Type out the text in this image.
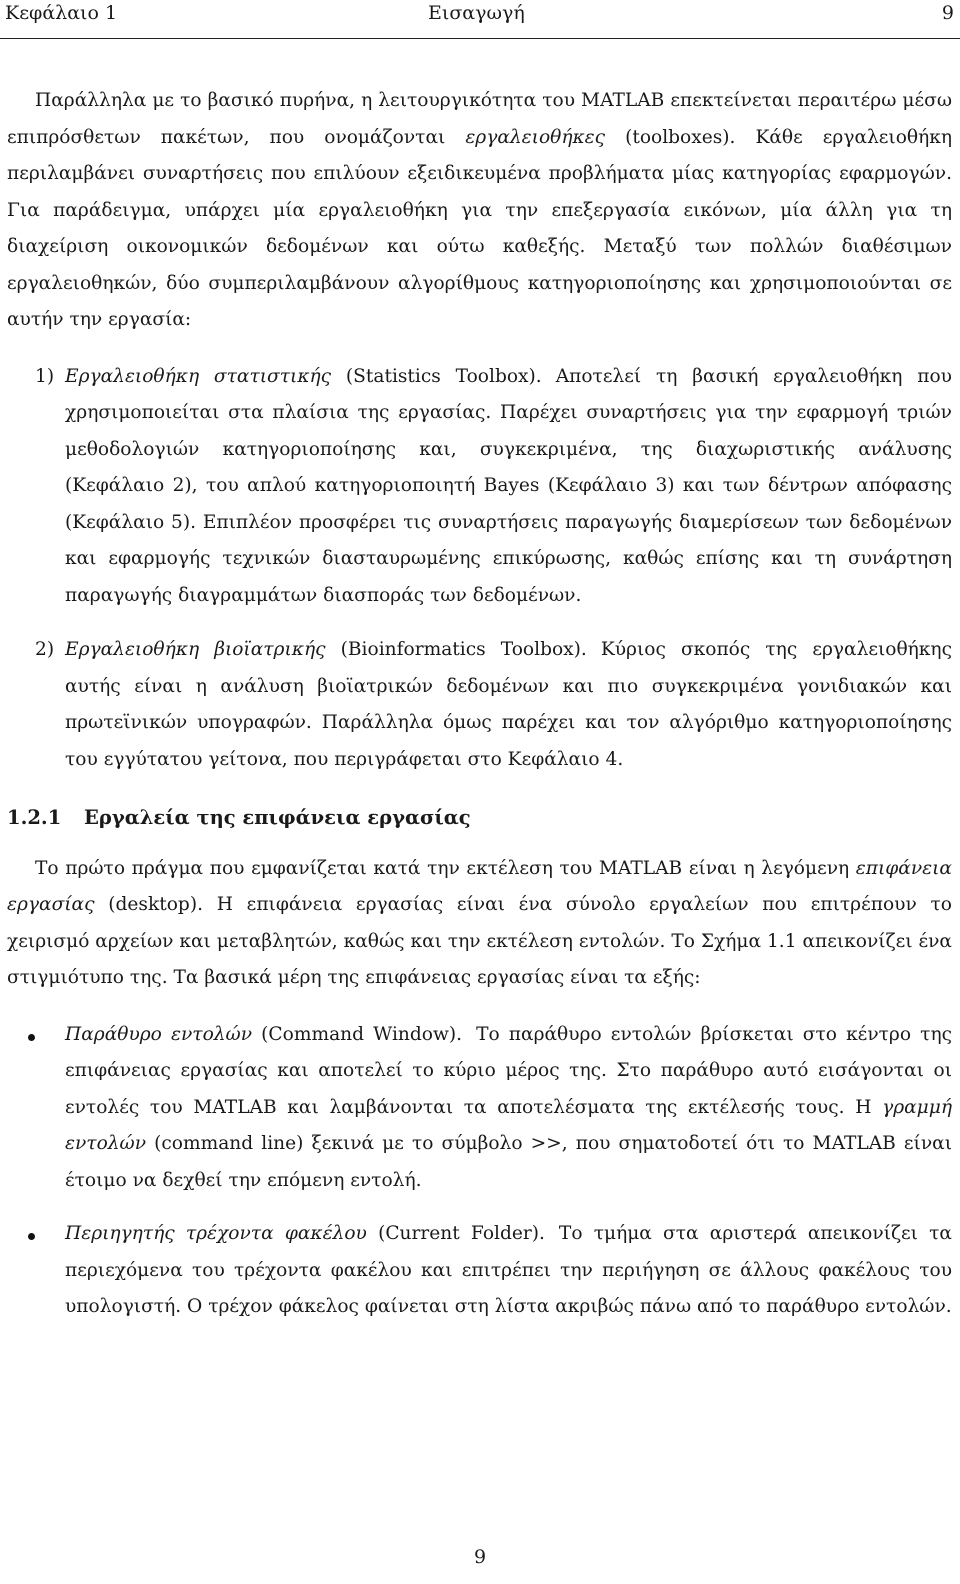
Κεφάλαιο 1	Εισαγωγή	9

Παράλληλα με το βασικό πυρήνα, η λειτουργικότητα του MATLAB επεκτείνεται περαιτέρω μέσω επιπρόσθετων πακέτων, που ονομάζονται εργαλειοθήκες (toolboxes). Κάθε εργαλειοθήκη περιλαμβάνει συναρτήσεις που επιλύουν εξειδικευμένα προβλήματα μίας κατηγορίας εφαρμογών. Για παράδειγμα, υπάρχει μία εργαλειοθήκη για την επεξεργασία εικόνων, μία άλλη για τη διαχείριση οικονομικών δεδομένων και ούτω καθεξής. Μεταξύ των πολλών διαθέσιμων εργαλειοθηκών, δύο συμπεριλαμβάνουν αλγορίθμους κατηγοριοποίησης και χρησιμοποιούνται σε αυτήν την εργασία:

1) Εργαλειοθήκη στατιστικής (Statistics Toolbox). Αποτελεί τη βασική εργαλειοθήκη που χρησιμοποιείται στα πλαίσια της εργασίας. Παρέχει συναρτήσεις για την εφαρμογή τριών μεθοδολογιών κατηγοριοποίησης και, συγκεκριμένα, της διαχωριστικής ανάλυσης (Κεφάλαιο 2), του απλού κατηγοριοποιητή Bayes (Κεφάλαιο 3) και των δέντρων απόφασης (Κεφάλαιο 5). Επιπλέον προσφέρει τις συναρτήσεις παραγωγής διαμερίσεων των δεδομένων και εφαρμογής τεχνικών διασταυρωμένης επικύρωσης, καθώς επίσης και τη συνάρτηση παραγωγής διαγραμμάτων διασποράς των δεδομένων.

2) Εργαλειοθήκη βιοϊατρικής (Bioinformatics Toolbox). Κύριος σκοπός της εργαλειοθήκης αυτής είναι η ανάλυση βιοϊατρικών δεδομένων και πιο συγκεκριμένα γονιδιακών και πρωτεϊνικών υπογραφών. Παράλληλα όμως παρέχει και τον αλγόριθμο κατηγοριοποίησης του εγγύτατου γείτονα, που περιγράφεται στο Κεφάλαιο 4.

1.2.1 Εργαλεία της επιφάνεια εργασίας

Το πρώτο πράγμα που εμφανίζεται κατά την εκτέλεση του MATLAB είναι η λεγόμενη επιφάνεια εργασίας (desktop). Η επιφάνεια εργασίας είναι ένα σύνολο εργαλείων που επιτρέπουν το χειρισμό αρχείων και μεταβλητών, καθώς και την εκτέλεση εντολών. Το Σχήμα 1.1 απεικονίζει ένα στιγμιότυπο της. Τα βασικά μέρη της επιφάνειας εργασίας είναι τα εξής:

Παράθυρο εντολών (Command Window). Το παράθυρο εντολών βρίσκεται στο κέντρο της επιφάνειας εργασίας και αποτελεί το κύριο μέρος της. Στο παράθυρο αυτό εισάγονται οι εντολές του MATLAB και λαμβάνονται τα αποτελέσματα της εκτέλεσής τους. Η γραμμή εντολών (command line) ξεκινά με το σύμβολο >>, που σηματοδοτεί ότι το MATLAB είναι έτοιμο να δεχθεί την επόμενη εντολή.

Περιηγητής τρέχοντα φακέλου (Current Folder). Το τμήμα στα αριστερά απεικονίζει τα περιεχόμενα του τρέχοντα φακέλου και επιτρέπει την περιήγηση σε άλλους φακέλους του υπολογιστή. Ο τρέχον φάκελος φαίνεται στη λίστα ακριβώς πάνω από το παράθυρο εντολών.

9
